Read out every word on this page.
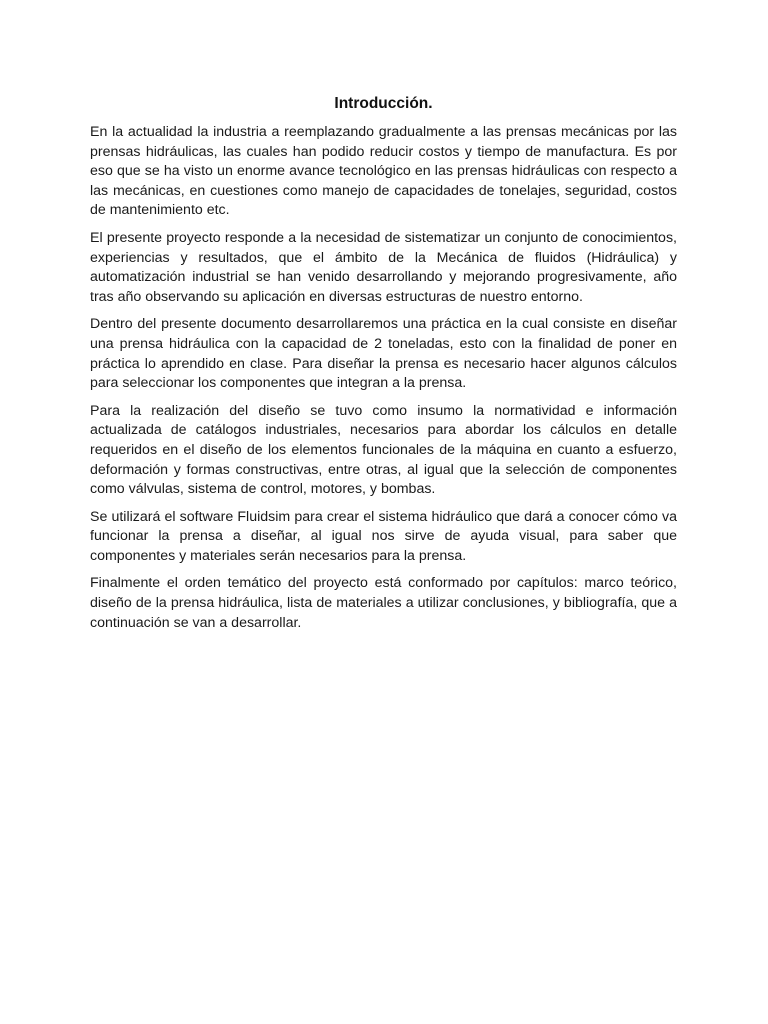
Introducción.

En la actualidad la industria a reemplazando gradualmente a las prensas mecánicas por las prensas hidráulicas, las cuales han podido reducir costos y tiempo de manufactura. Es por eso que se ha visto un enorme avance tecnológico en las prensas hidráulicas con respecto a las mecánicas, en cuestiones como manejo de capacidades de tonelajes, seguridad, costos de mantenimiento etc.

El presente proyecto responde a la necesidad de sistematizar un conjunto de conocimientos, experiencias y resultados, que el ámbito de la Mecánica de fluidos (Hidráulica) y automatización industrial se han venido desarrollando y mejorando progresivamente, año tras año observando su aplicación en diversas estructuras de nuestro entorno.

Dentro del presente documento desarrollaremos una práctica en la cual consiste en diseñar una prensa hidráulica con la capacidad de 2 toneladas, esto con la finalidad de poner en práctica lo aprendido en clase. Para diseñar la prensa es necesario hacer algunos cálculos para seleccionar los componentes que integran a la prensa.

Para la realización del diseño se tuvo como insumo la normatividad e información actualizada de catálogos industriales, necesarios para abordar los cálculos en detalle requeridos en el diseño de los elementos funcionales de la máquina en cuanto a esfuerzo, deformación y formas constructivas, entre otras, al igual que la selección de componentes como válvulas, sistema de control, motores, y bombas.

Se utilizará el software Fluidsim para crear el sistema hidráulico que dará a conocer cómo va funcionar la prensa a diseñar, al igual nos sirve de ayuda visual, para saber que componentes y materiales serán necesarios para la prensa.

Finalmente el orden temático del proyecto está conformado por capítulos: marco teórico, diseño de la prensa hidráulica, lista de materiales a utilizar conclusiones, y bibliografía, que a continuación se van a desarrollar.
